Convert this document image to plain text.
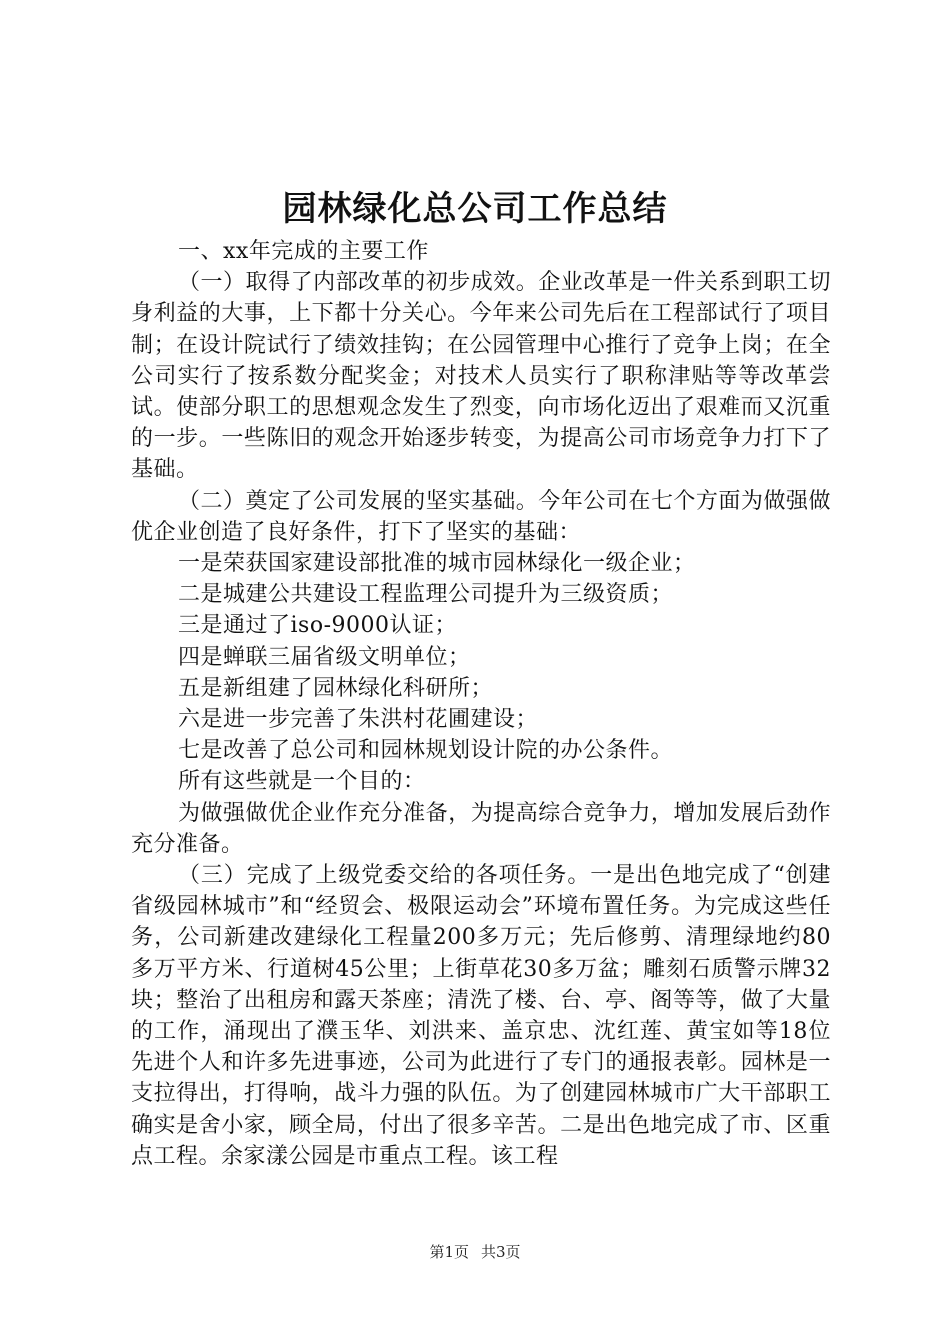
园林绿化总公司工作总结

一、xx年完成的主要工作

（一）取得了内部改革的初步成效。企业改革是一件关系到职工切身利益的大事，上下都十分关心。今年来公司先后在工程部试行了项目制；在设计院试行了绩效挂钩；在公园管理中心推行了竞争上岗；在全公司实行了按系数分配奖金；对技术人员实行了职称津贴等等改革尝试。使部分职工的思想观念发生了烈变，向市场化迈出了艰难而又沉重的一步。一些陈旧的观念开始逐步转变，为提高公司市场竞争力打下了基础。

（二）奠定了公司发展的坚实基础。今年公司在七个方面为做强做优企业创造了良好条件，打下了坚实的基础：

一是荣获国家建设部批准的城市园林绿化一级企业；

二是城建公共建设工程监理公司提升为三级资质；

三是通过了iso-9000认证；

四是蝉联三届省级文明单位；

五是新组建了园林绿化科研所；

六是进一步完善了朱洪村花圃建设；

七是改善了总公司和园林规划设计院的办公条件。

所有这些就是一个目的：

为做强做优企业作充分准备，为提高综合竞争力，增加发展后劲作充分准备。

（三）完成了上级党委交给的各项任务。一是出色地完成了“创建省级园林城市”和“经贸会、极限运动会”环境布置任务。为完成这些任务，公司新建改建绿化工程量200多万元；先后修剪、清理绿地约80多万平方米、行道树45公里；上街草花30多万盆；雕刻石质警示牌32块；整治了出租房和露天茶座；清洗了楼、台、亭、阁等等，做了大量的工作，涌现出了濮玉华、刘洪来、盖京忠、沈红莲、黄宝如等18位先进个人和许多先进事迹，公司为此进行了专门的通报表彰。园林是一支拉得出，打得响，战斗力强的队伍。为了创建园林城市广大干部职工确实是舍小家，顾全局，付出了很多辛苦。二是出色地完成了市、区重点工程。余家漾公园是市重点工程。该工程

第1页 共3页
